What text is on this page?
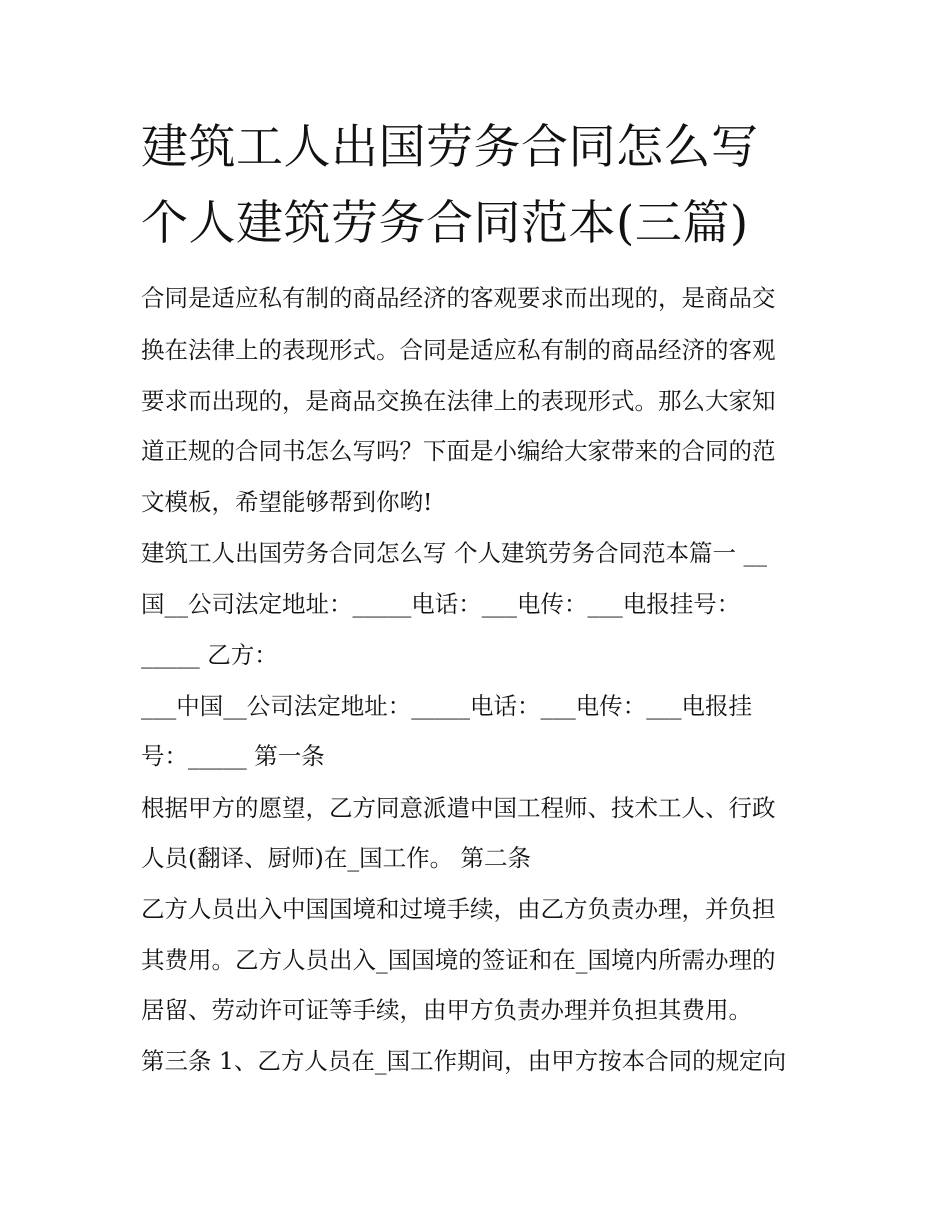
建筑工人出国劳务合同怎么写
个人建筑劳务合同范本(三篇)
合同是适应私有制的商品经济的客观要求而出现的，是商品交
换在法律上的表现形式。合同是适应私有制的商品经济的客观
要求而出现的，是商品交换在法律上的表现形式。那么大家知
道正规的合同书怎么写吗？下面是小编给大家带来的合同的范
文模板，希望能够帮到你哟!
建筑工人出国劳务合同怎么写 个人建筑劳务合同范本篇一 __
国__公司法定地址：_____电话：___电传：___电报挂号：
_____ 乙方：
___中国__公司法定地址：_____电话：___电传：___电报挂
号：_____ 第一条
根据甲方的愿望，乙方同意派遣中国工程师、技术工人、行政
人员(翻译、厨师)在_国工作。 第二条
乙方人员出入中国国境和过境手续，由乙方负责办理，并负担
其费用。乙方人员出入_国国境的签证和在_国境内所需办理的
居留、劳动许可证等手续，由甲方负责办理并负担其费用。
第三条 1、乙方人员在_国工作期间，由甲方按本合同的规定向
